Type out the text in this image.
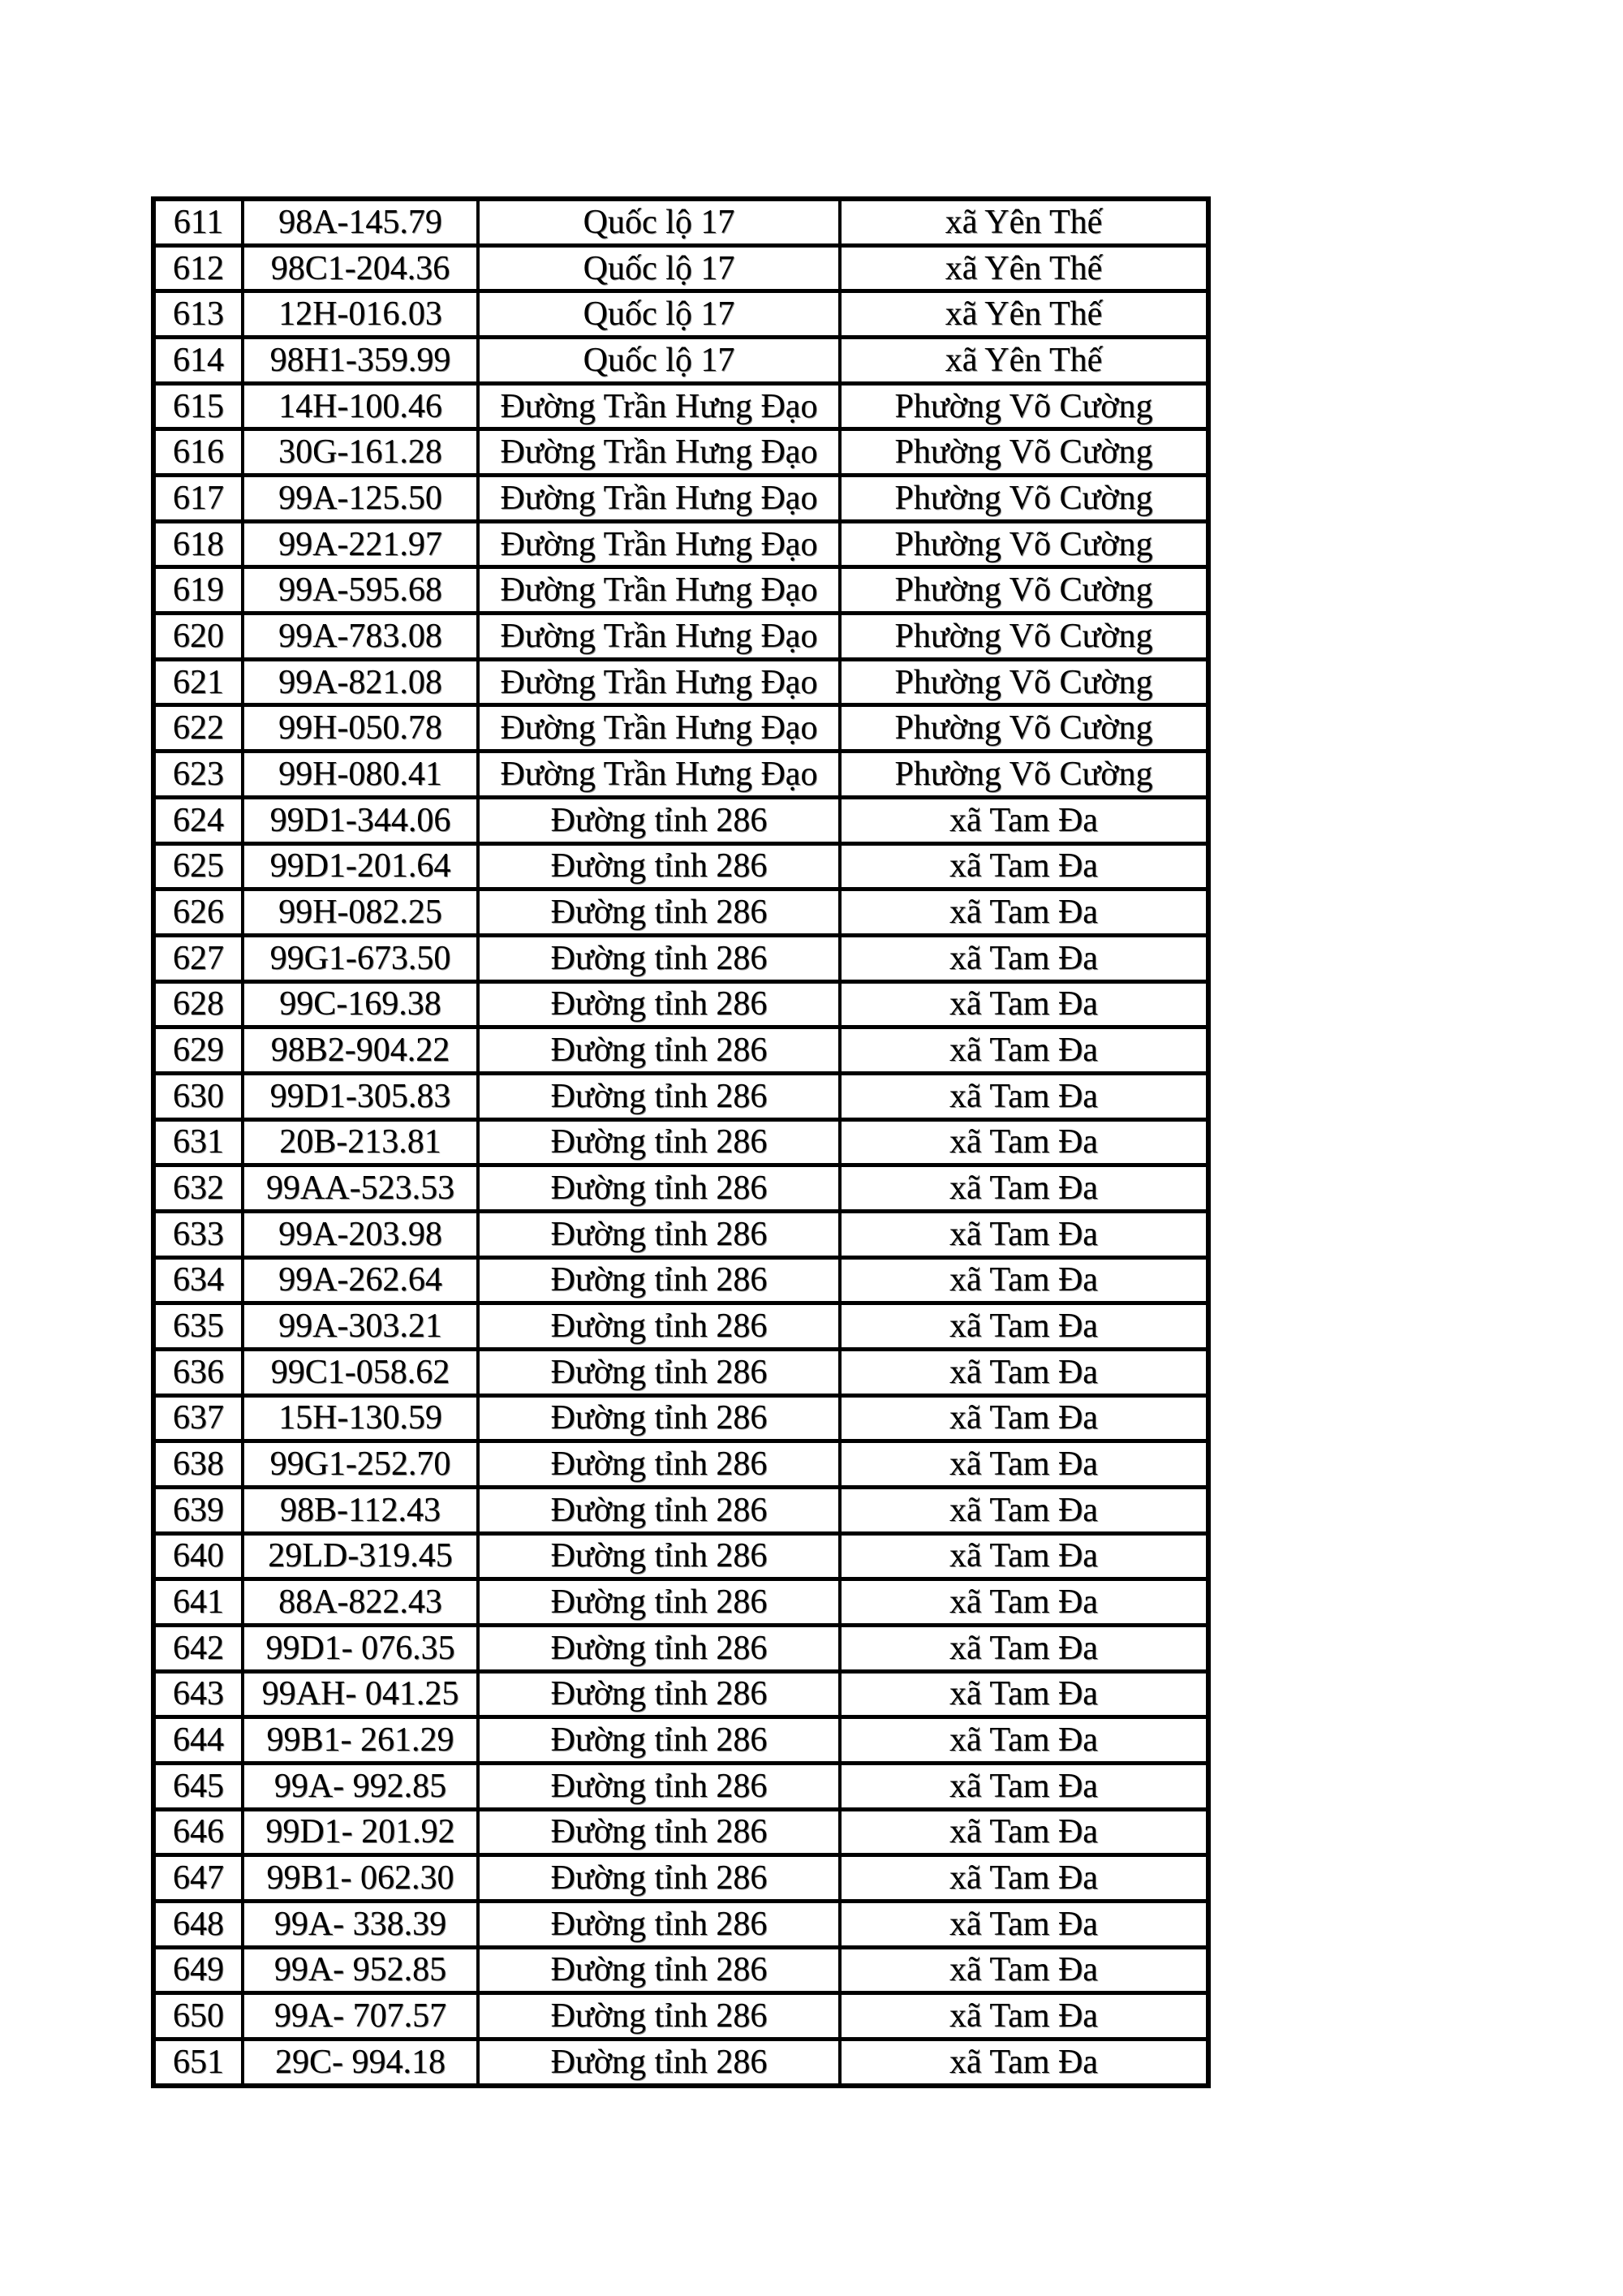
611	98A-145.79	Quốc lộ 17	xã Yên Thế
612	98C1-204.36	Quốc lộ 17	xã Yên Thế
613	12H-016.03	Quốc lộ 17	xã Yên Thế
614	98H1-359.99	Quốc lộ 17	xã Yên Thế
615	14H-100.46	Đường Trần Hưng Đạo	Phường Võ Cường
616	30G-161.28	Đường Trần Hưng Đạo	Phường Võ Cường
617	99A-125.50	Đường Trần Hưng Đạo	Phường Võ Cường
618	99A-221.97	Đường Trần Hưng Đạo	Phường Võ Cường
619	99A-595.68	Đường Trần Hưng Đạo	Phường Võ Cường
620	99A-783.08	Đường Trần Hưng Đạo	Phường Võ Cường
621	99A-821.08	Đường Trần Hưng Đạo	Phường Võ Cường
622	99H-050.78	Đường Trần Hưng Đạo	Phường Võ Cường
623	99H-080.41	Đường Trần Hưng Đạo	Phường Võ Cường
624	99D1-344.06	Đường tỉnh 286	xã Tam Đa
625	99D1-201.64	Đường tỉnh 286	xã Tam Đa
626	99H-082.25	Đường tỉnh 286	xã Tam Đa
627	99G1-673.50	Đường tỉnh 286	xã Tam Đa
628	99C-169.38	Đường tỉnh 286	xã Tam Đa
629	98B2-904.22	Đường tỉnh 286	xã Tam Đa
630	99D1-305.83	Đường tỉnh 286	xã Tam Đa
631	20B-213.81	Đường tỉnh 286	xã Tam Đa
632	99AA-523.53	Đường tỉnh 286	xã Tam Đa
633	99A-203.98	Đường tỉnh 286	xã Tam Đa
634	99A-262.64	Đường tỉnh 286	xã Tam Đa
635	99A-303.21	Đường tỉnh 286	xã Tam Đa
636	99C1-058.62	Đường tỉnh 286	xã Tam Đa
637	15H-130.59	Đường tỉnh 286	xã Tam Đa
638	99G1-252.70	Đường tỉnh 286	xã Tam Đa
639	98B-112.43	Đường tỉnh 286	xã Tam Đa
640	29LD-319.45	Đường tỉnh 286	xã Tam Đa
641	88A-822.43	Đường tỉnh 286	xã Tam Đa
642	99D1- 076.35	Đường tỉnh 286	xã Tam Đa
643	99AH- 041.25	Đường tỉnh 286	xã Tam Đa
644	99B1- 261.29	Đường tỉnh 286	xã Tam Đa
645	99A- 992.85	Đường tỉnh 286	xã Tam Đa
646	99D1- 201.92	Đường tỉnh 286	xã Tam Đa
647	99B1- 062.30	Đường tỉnh 286	xã Tam Đa
648	99A- 338.39	Đường tỉnh 286	xã Tam Đa
649	99A- 952.85	Đường tỉnh 286	xã Tam Đa
650	99A- 707.57	Đường tỉnh 286	xã Tam Đa
651	29C- 994.18	Đường tỉnh 286	xã Tam Đa
